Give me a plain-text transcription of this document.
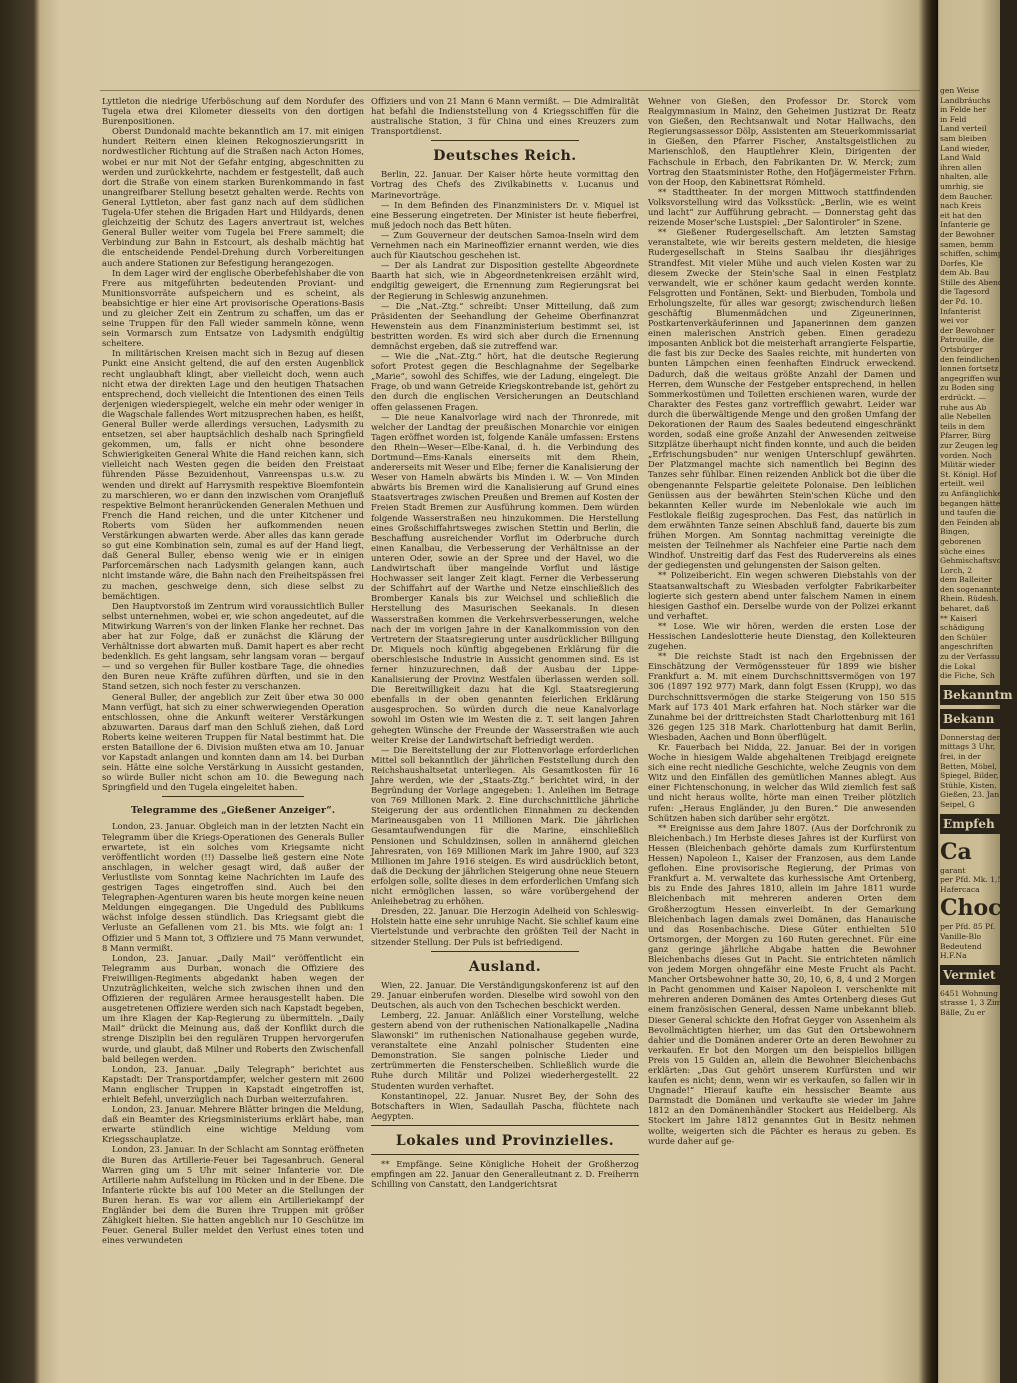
Lyttleton die niedrige Uferböschung auf dem Nordufer des Tugela etwa drei Kilometer diesseits von den dortigen Burenpositionen.

Oberst Dundonald machte bekanntlich am 17. mit einigen hundert Reitern einen kleinen Rekognoszierungsritt in nordwestlicher Richtung auf die Straßen nach Acton Homes, wobei er nur mit Not der Gefahr entging, abgeschnitten zu werden und zurückkehrte, nachdem er festgestellt, daß auch dort die Straße von einem starken Burenkommando in fast unangreifbarer Stellung besetzt gehalten werde. Rechts von General Lyttleton, aber fast ganz nach auf dem südlichen Tugela-Ufer stehen die Brigaden Hart und Hildyards, denen gleichzeitig der Schutz des Lagers anvertraut ist, welches General Buller weiter vom Tugela bei Frere sammelt; die Verbindung zur Bahn in Estcourt, als deshalb mächtig hat die entscheidende Pendel-Drehung durch Vorbereitungen auch andere Stationen zur Befestigung herangezogen.

In dem Lager wird der englische Oberbefehlshaber die von Frere aus mitgeführten bedeutenden Proviant- und Munitionsvorräte aufspeichern und es scheint, als beabsichtige er hier eine Art provisorische Operations-Basis und zu gleicher Zeit ein Zentrum zu schaffen, um das er seine Truppen für den Fall wieder sammeln könne, wenn sein Vormarsch zum Entsatze von Ladysmith endgültig scheitere.

In militärischen Kreisen macht sich in Bezug auf diesen Punkt eine Ansicht geltend, die auf den ersten Augenblick recht unglaubhaft klingt, aber vielleicht doch, wenn auch nicht etwa der direkten Lage und den heutigen Thatsachen entsprechend, doch vielleicht die Intentionen des einen Teils derjenigen wiederspiegelt, welche ein mehr oder weniger in die Wagschale fallendes Wort mitzusprechen haben, es heißt, General Buller werde allerdings versuchen, Ladysmith zu entsetzen, sei aber hauptsächlich deshalb nach Springfield gekommen, um, falls er nicht ohne besondere Schwierigkeiten General White die Hand reichen kann, sich vielleicht nach Westen gegen die beiden den Freistaat führenden Pässe Bezuidenhout, Vanreenspas u.s.w. zu wenden und direkt auf Harrysmith respektive Bloemfontein zu marschieren, wo er dann den inzwischen vom Oranjefluß respektive Belmont heranrückenden Generalen Methuen und French die Hand reichen, und die unter Kitchener und Roberts vom Süden her aufkommenden neuen Verstärkungen abwarten werde. Aber alles das kann gerade so gut eine Kombination sein, zumal es auf der Hand liegt, daß General Buller, ebenso wenig wie er in einigen Parforcemärschen nach Ladysmith gelangen kann, auch nicht imstande wäre, die Bahn nach den Freiheitspässen frei zu machen, geschweige denn, sich diese selbst zu bemächtigen.

Den Hauptvorstoß im Zentrum wird voraussichtlich Buller selbst unternehmen, wobei er, wie schon angedeutet, auf die Mitwirkung Warren's von der linken Flanke her rechnet. Das aber hat zur Folge, daß er zunächst die Klärung der Verhältnisse dort abwarten muß. Damit hapert es aber recht bedenklich. Es geht langsam, sehr langsam voran — bergauf — und so vergehen für Buller kostbare Tage, die ohnedies den Buren neue Kräfte zuführen dürften, und sie in den Stand setzen, sich noch fester zu verschanzen.

General Buller, der angeblich zur Zeit über etwa 30 000 Mann verfügt, hat sich zu einer schwerwiegenden Operation entschlossen, ohne die Ankunft weiterer Verstärkungen abzuwarten. Daraus darf man den Schluß ziehen, daß Lord Roberts keine weiteren Truppen für Natal bestimmt hat. Die ersten Bataillone der 6. Division mußten etwa am 10. Januar vor Kapstadt anlangen und konnten dann am 14. bei Durban sein. Hätte eine solche Verstärkung in Aussicht gestanden, so würde Buller nicht schon am 10. die Bewegung nach Springfield und den Tugela eingeleitet haben.

Telegramme des „Gießener Anzeiger“.

London, 23. Januar. Obgleich man in der letzten Nacht ein Telegramm über die Kriegs-Operationen des Generals Buller erwartete, ist ein solches vom Kriegsamte nicht veröffentlicht worden (!!) Dasselbe ließ gestern eine Note anschlagen, in welcher gesagt wird, daß außer der Verlustliste vom Sonntag keine Nachrichten im Laufe des gestrigen Tages eingetroffen sind. Auch bei den Telegraphen-Agenturen waren bis heute morgen keine neuen Meldungen eingegangen. Die Ungeduld des Publikums wächst infolge dessen stündlich. Das Kriegsamt giebt die Verluste an Gefallenen vom 21. bis Mts. wie folgt an: 1 Offizier und 5 Mann tot, 3 Offiziere und 75 Mann verwundet, 8 Mann vermißt.

London, 23. Januar. „Daily Mail“ veröffentlicht ein Telegramm aus Durban, wonach die Offiziere des Freiwilligen-Regiments abgedankt haben wegen der Unzuträglichkeiten, welche sich zwischen ihnen und den Offizieren der regulären Armee herausgestellt haben. Die ausgetretenen Offiziere werden sich nach Kapstadt begeben, um ihre Klagen der Kap-Regierung zu übermitteln. „Daily Mail“ drückt die Meinung aus, daß der Konflikt durch die strenge Disziplin bei den regulären Truppen hervorgerufen wurde, und glaubt, daß Milner und Roberts den Zwischenfall bald beilegen werden.

London, 23. Januar. „Daily Telegraph“ berichtet aus Kapstadt: Der Transportdampfer, welcher gestern mit 2600 Mann englischer Truppen in Kapstadt eingetroffen ist, erhielt Befehl, unverzüglich nach Durban weiterzufahren.

London, 23. Januar. Mehrere Blätter bringen die Meldung, daß ein Beamter des Kriegsministeriums erklärt habe, man erwarte stündlich eine wichtige Meldung vom Kriegsschauplatze.

London, 23. Januar. In der Schlacht am Sonntag eröffneten die Buren das Artillerie-Feuer bei Tagesanbruch. General Warren ging um 5 Uhr mit seiner Infanterie vor. Die Artillerie nahm Aufstellung im Rücken und in der Ebene. Die Infanterie rückte bis auf 100 Meter an die Stellungen der Buren heran. Es war vor allem ein Artilleriekampf der Engländer bei dem die Buren ihre Truppen mit größer Zähigkeit hielten. Sie hatten angeblich nur 10 Geschütze im Feuer. General Buller meldet den Verlust eines toten und eines verwundeten

Offiziers und von 21 Mann 6 Mann vermißt. — Die Admiralität hat befahl die Indienststellung von 4 Kriegsschiffen für die australische Station, 3 für China und eines Kreuzers zum Transportdienst.

Deutsches Reich.

Berlin, 22. Januar. Der Kaiser hörte heute vormittag den Vortrag des Chefs des Zivilkabinetts v. Lucanus und Marinevorträge.

— In dem Befinden des Finanzministers Dr. v. Miquel ist eine Besserung eingetreten. Der Minister ist heute fieberfrei, muß jedoch noch das Bett hüten.

— Zum Gouverneur der deutschen Samoa-Inseln wird dem Vernehmen nach ein Marineoffizier ernannt werden, wie dies auch für Kiautschou geschehen ist.

— Der als Landrat zur Disposition gestellte Abgeordnete Baarth hat sich, wie in Abgeordnetenkreisen erzählt wird, endgiltig geweigert, die Ernennung zum Regierungsrat bei der Regierung in Schleswig anzunehmen.

— Die „Nat.-Ztg.“ schreibt: Unser Mitteilung, daß zum Präsidenten der Seehandlung der Geheime Oberfinanzrat Hewenstein aus dem Finanzministerium bestimmt sei, ist bestritten worden. Es wird sich aber durch die Ernennung demnächst ergeben, daß sie zutreffend war.

— Wie die „Nat.-Ztg.“ hört, hat die deutsche Regierung sofort Protest gegen die Beschlagnahme der Segelbarke „Marie“, sowohl des Schiffes, wie der Ladung, eingelegt. Die Frage, ob und wann Getreide Kriegskontrebande ist, gehört zu den durch die englischen Versicherungen an Deutschland offen gelassenen Fragen.

— Die neue Kanalvorlage wird nach der Thronrede, mit welcher der Landtag der preußischen Monarchie vor einigen Tagen eröffnet worden ist, folgende Kanäle umfassen: Erstens den Rhein—Weser—Elbe-Kanal, d. h. die Verbindung des Dortmund—Ems-Kanals einerseits mit dem Rhein, andererseits mit Weser und Elbe; ferner die Kanalisierung der Weser von Hameln abwärts bis Minden i. W. — Von Minden abwärts bis Bremen wird die Kanalisierung auf Grund eines Staatsvertrages zwischen Preußen und Bremen auf Kosten der Freien Stadt Bremen zur Ausführung kommen. Dem würden folgende Wasserstraßen neu hinzukommen. Die Herstellung eines Großschiffahrtsweges zwischen Stettin und Berlin, die Beschaffung ausreichender Vorflut im Oderbruche durch einen Kanalbau, die Verbesserung der Verhältnisse an der unteren Oder, sowie an der Spree und der Havel, wo die Landwirtschaft über mangelnde Vorflut und lästige Hochwasser seit langer Zeit klagt. Ferner die Verbesserung der Schiffahrt auf der Warthe und Netze einschließlich des Bromberger Kanals bis zur Weichsel und schließlich die Herstellung des Masurischen Seekanals. In diesen Wasserstraßen kommen die Verkehrsverbesserungen, welche nach der im vorigen Jahre in der Kanalkommission von den Vertretern der Staatsregierung unter ausdrücklicher Billigung Dr. Miquels noch künftig abgegebenen Erklärung für die oberschlesische Industrie in Aussicht genommen sind. Es ist ferner hinzuzurechnen, daß der Ausbau der Lippe-Kanalisierung der Provinz Westfalen überlassen werden soll. Die Bereitwilligkeit dazu hat die Kgl. Staatsregierung ebenfalls in der oben genannten feierlichen Erklärung ausgesprochen. So würden durch die neue Kanalvorlage sowohl im Osten wie im Westen die z. T. seit langen Jahren gehegten Wünsche der Freunde der Wasserstraßen wie auch weiter Kreise der Landwirtschaft befriedigt werden.

— Die Bereitstellung der zur Flottenvorlage erforderlichen Mittel soll bekanntlich der jährlichen Feststellung durch den Reichshaushaltsetat unterliegen. Als Gesamtkosten für 16 Jahre werden, wie der „Staats-Ztg.“ berichtet wird, in der Begründung der Vorlage angegeben: 1. Anleihen im Betrage von 769 Millionen Mark. 2. Eine durchschnittliche jährliche Steigerung der aus ordentlichen Einnahmen zu deckenden Marineausgaben von 11 Millionen Mark. Die jährlichen Gesamtaufwendungen für die Marine, einschließlich Pensionen und Schuldzinsen, sollen in annähernd gleichen Jahresraten, von 169 Millionen Mark im Jahre 1900, auf 323 Millionen im Jahre 1916 steigen. Es wird ausdrücklich betont, daß die Deckung der jährlichen Steigerung ohne neue Steuern erfolgen solle, sollte dieses in dem erforderlichen Umfang sich nicht ermöglichen lassen, so wäre vorübergehend der Anleihebetrag zu erhöhen.

Dresden, 22. Januar. Die Herzogin Adelheid von Schleswig-Holstein hatte eine sehr unruhige Nacht. Sie schlief kaum eine Viertelstunde und verbrachte den größten Teil der Nacht in sitzender Stellung. Der Puls ist befriedigend.

Ausland.

Wien, 22. Januar. Die Verständigungskonferenz ist auf den 29. Januar einberufen worden. Dieselbe wird sowohl von den Deutschen, als auch von den Tschechen beschickt werden.

Lemberg, 22. Januar. Anläßlich einer Vorstellung, welche gestern abend von der ruthenischen Nationalkapelle „Nadina Slawonski“ im ruthenischen Nationalhause gegeben wurde, veranstaltete eine Anzahl polnischer Studenten eine Demonstration. Sie sangen polnische Lieder und zertrümmerten die Fensterscheiben. Schließlich wurde die Ruhe durch Militär und Polizei wiederhergestellt. 22 Studenten wurden verhaftet.

Konstantinopel, 22. Januar. Nusret Bey, der Sohn des Botschafters in Wien, Sadaullah Pascha, flüchtete nach Aegypten.

Lokales und Provinzielles.

** Empfänge. Seine Königliche Hoheit der Großherzog empfingen am 22. Januar den Generalleutnant z. D. Freiherrn Schilling von Canstatt, den Landgerichtsrat

Wehner von Gießen, den Professor Dr. Storck vom Realgymnasium in Mainz, den Geheimen Justizrat Dr. Reatz von Gießen, den Rechtsanwalt und Notar Hallwachs, den Regierungsassessor Dölp, Assistenten am Steuerkommissariat in Gießen, den Pfarrer Fischer, Anstaltsgeistlichen zu Marienschloß, den Hauptlehrer Klein, Dirigenten der Fachschule in Erbach, den Fabrikanten Dr. W. Merck; zum Vortrag den Staatsminister Rothe, den Hofjägermeister Frhrn. von der Hoop, den Kabinettsrat Römheld.

** Stadttheater. In der morgen Mittwoch stattfindenden Volksvorstellung wird das Volksstück: „Berlin, wie es weint und lacht“ zur Aufführung gebracht. — Donnerstag geht das reizende Moser'sche Lustspiel: „Der Salontiroler“ in Szene.

** Gießener Rudergesellschaft. Am letzten Samstag veranstaltete, wie wir bereits gestern meldeten, die hiesige Rudergesellschaft in Steins Saalbau ihr diesjähriges Strandfest. Mit vieler Mühe und auch vielen Kosten war zu diesem Zwecke der Stein'sche Saal in einen Festplatz verwandelt, wie er schöner kaum gedacht werden konnte. Felsgrotten und Fontänen, Sekt- und Bierbuden, Tombola und Erholungszelte, für alles war gesorgt; zwischendurch ließen geschäftig Blumenmädchen und Zigeunerinnen, Postkartenverkäuferinnen und Japanerinnen dem ganzen einen malerischen Anstrich geben. Einen geradezu imposanten Anblick bot die meisterhaft arrangierte Felspartie, die fast bis zur Decke des Saales reichte, mit hunderten von bunten Lämpchen einen feenhaften Eindruck erweckend. Dadurch, daß die weitaus größte Anzahl der Damen und Herren, dem Wunsche der Festgeber entsprechend, in hellen Sommerkostümen und Toiletten erschienen waren, wurde der Charakter des Festes ganz vortrefflich gewahrt. Leider war durch die überwältigende Menge und den großen Umfang der Dekorationen der Raum des Saales bedeutend eingeschränkt worden, sodaß eine große Anzahl der Anwesenden zeitweise Sitzplätze überhaupt nicht finden konnte, und auch die beiden „Erfrischungsbuden“ nur wenigen Unterschlupf gewährten. Der Platzmangel machte sich namentlich bei Beginn des Tanzes sehr fühlbar. Einen reizenden Anblick bot die über die obengenannte Felspartie geleitete Polonaise. Den leiblichen Genüssen aus der bewährten Stein'schen Küche und den bekannten Keller wurde im Nebenlokale wie auch im Festlokale fleißig zugesprochen. Das Fest, das natürlich in dem erwähnten Tanze seinen Abschluß fand, dauerte bis zum frühen Morgen. Am Sonntag nachmittag vereinigte die meisten der Teilnehmer als Nachfeier eine Partie nach dem Windhof. Unstreitig darf das Fest des Rudervereins als eines der gediegensten und gelungensten der Saison gelten.

** Polizeibericht. Ein wegen schweren Diebstahls von der Staatsanwaltschaft zu Wiesbaden verfolgter Fabrikarbeiter logierte sich gestern abend unter falschem Namen in einem hiesigen Gasthof ein. Derselbe wurde von der Polizei erkannt und verhaftet.

** Lose. Wie wir hören, werden die ersten Lose der Hessischen Landeslotterie heute Dienstag, den Kollekteuren zugehen.

** Die reichste Stadt ist nach den Ergebnissen der Einschätzung der Vermögenssteuer für 1899 wie bisher Frankfurt a. M. mit einem Durchschnittsvermögen von 197 306 (1897 192 977) Mark, dann folgt Essen (Krupp), wo das Durchschnittsvermögen die starke Steigerung von 150 515 Mark auf 173 401 Mark erfahren hat. Noch stärker war die Zunahme bei der drittreichsten Stadt Charlottenburg mit 161 326 gegen 125 318 Mark. Charlottenburg hat damit Berlin, Wiesbaden, Aachen und Bonn überflügelt.

Kr. Fauerbach bei Nidda, 22. Januar. Bei der in vorigen Woche in hiesigem Walde abgehaltenen Treibjagd ereignete sich eine recht niedliche Geschichte, welche Zeugnis von dem Witz und den Einfällen des gemütlichen Mannes ablegt. Aus einer Fichtenschonung, in welcher das Wild ziemlich fest saß und nicht heraus wollte, hörte man einen Treiber plötzlich rufen: „Heraus Engländer, ju den Buren.“ Die anwesenden Schützen haben sich darüber sehr ergötzt.

** Ereignisse aus dem Jahre 1807. (Aus der Dorfchronik zu Bleichenbach.) Im Herbste dieses Jahres ist der Kurfürst von Hessen (Bleichenbach gehörte damals zum Kurfürstentum Hessen) Napoleon I., Kaiser der Franzosen, aus dem Lande geflohen. Eine provisorische Regierung, der Primas von Frankfurt a. M. verwaltete das kurhessische Amt Ortenberg, bis zu Ende des Jahres 1810, allein im Jahre 1811 wurde Bleichenbach mit mehreren anderen Orten dem Großherzogtum Hessen einverleibt. In der Gemarkung Bleichenbach lagen damals zwei Domänen, das Hanauische und das Rosenbachische. Diese Güter enthielten 510 Ortsmorgen, der Morgen zu 160 Ruten gerechnet. Für eine ganz geringe jährliche Abgabe hatten die Bewohner Bleichenbachs dieses Gut in Pacht. Sie entrichteten nämlich von jedem Morgen ohngefähr eine Meste Frucht als Pacht. Mancher Ortsbewohner hatte 30, 20, 10, 6, 8, 4 und 2 Morgen in Pacht genommen und Kaiser Napoleon I. verschenkte mit mehreren anderen Domänen des Amtes Ortenberg dieses Gut einem französischen General, dessen Name unbekannt blieb. Dieser General schickte den Hofrat Geyger von Assenheim als Bevollmächtigten hierher, um das Gut den Ortsbewohnern dahier und die Domänen anderer Orte an deren Bewohner zu verkaufen. Er bot den Morgen um den beispiellos billigen Preis von 15 Gulden an, allein die Bewohner Bleichenbachs erklärten: „Das Gut gehört unserem Kurfürsten und wir kaufen es nicht; denn, wenn wir es verkaufen, so fallen wir in Ungnade!“ Hierauf kaufte ein hessischer Beamte aus Darmstadt die Domänen und verkaufte sie wieder im Jahre 1812 an den Domänenhändler Stockert aus Heidelberg. Als Stockert im Jahre 1812 genanntes Gut in Besitz nehmen wollte, weigerten sich die Pächter es heraus zu geben. Es wurde daher auf ge-

gen Weise
Landbräuchs
in Felde her
in Feld
Land verteil
sam bleiben
Land wieder,
Land Wald
ihren allen
nhalten, alle
umrhig, sie
dem Baucher.
nach Kreis
eit hat den
Infanterie ge
der Bewohner
samen, bemm
schiffen, schimpf
Dorfes, Kle
dem Ab. Bau
Stille des Abend
die Tagesord
der Pd. 10.
Infanterist
wei vor
der Bewohner
Patrouille, die
Ortsbürger
den feindlichen
lonnen fortsetz
angegriffen wurd
zu Boden sing
erdrückt. —
ruhe aus Ab
alle Nebellen
teils in dem
Pfarrer, Bürg
zur Zeugen leg
vorden. Noch
Militär wieder
St. Königl. Hof
erteilt. weil
zu Anfänglichkeit
begangen hätte
und taufen die
den Feinden ab
Bingen,
geborenen
süche eines
Gehmischaftsvorst
Lorch, 2
dem Balleiter
den sogenannten
Rhein. Rüdesh.
beharet, daß
** Kaiserl
schädigung
den Schüler
angeschriften
zu der Verfassung
die Lokal
die Fiche, Sch
Bekanntm
Bekann
Donnerstag den
mittags 3 Uhr,
frei, in der
Betten, Möbel,
Spiegel, Bilder,
Stühle, Kisten,
Gießen, 23. Jan
Seipel, G
Empfeh
Ca
garant
per Pfd. Mk. 1,5
Hafercaca
Choc
per Pfd. 85 Pf.
Vanille-Blo
Bedeutend
H.F.Na
Vermiet
6451 Wohnung
strasse 1, 3 Zimmer
Bälle, Zu er
